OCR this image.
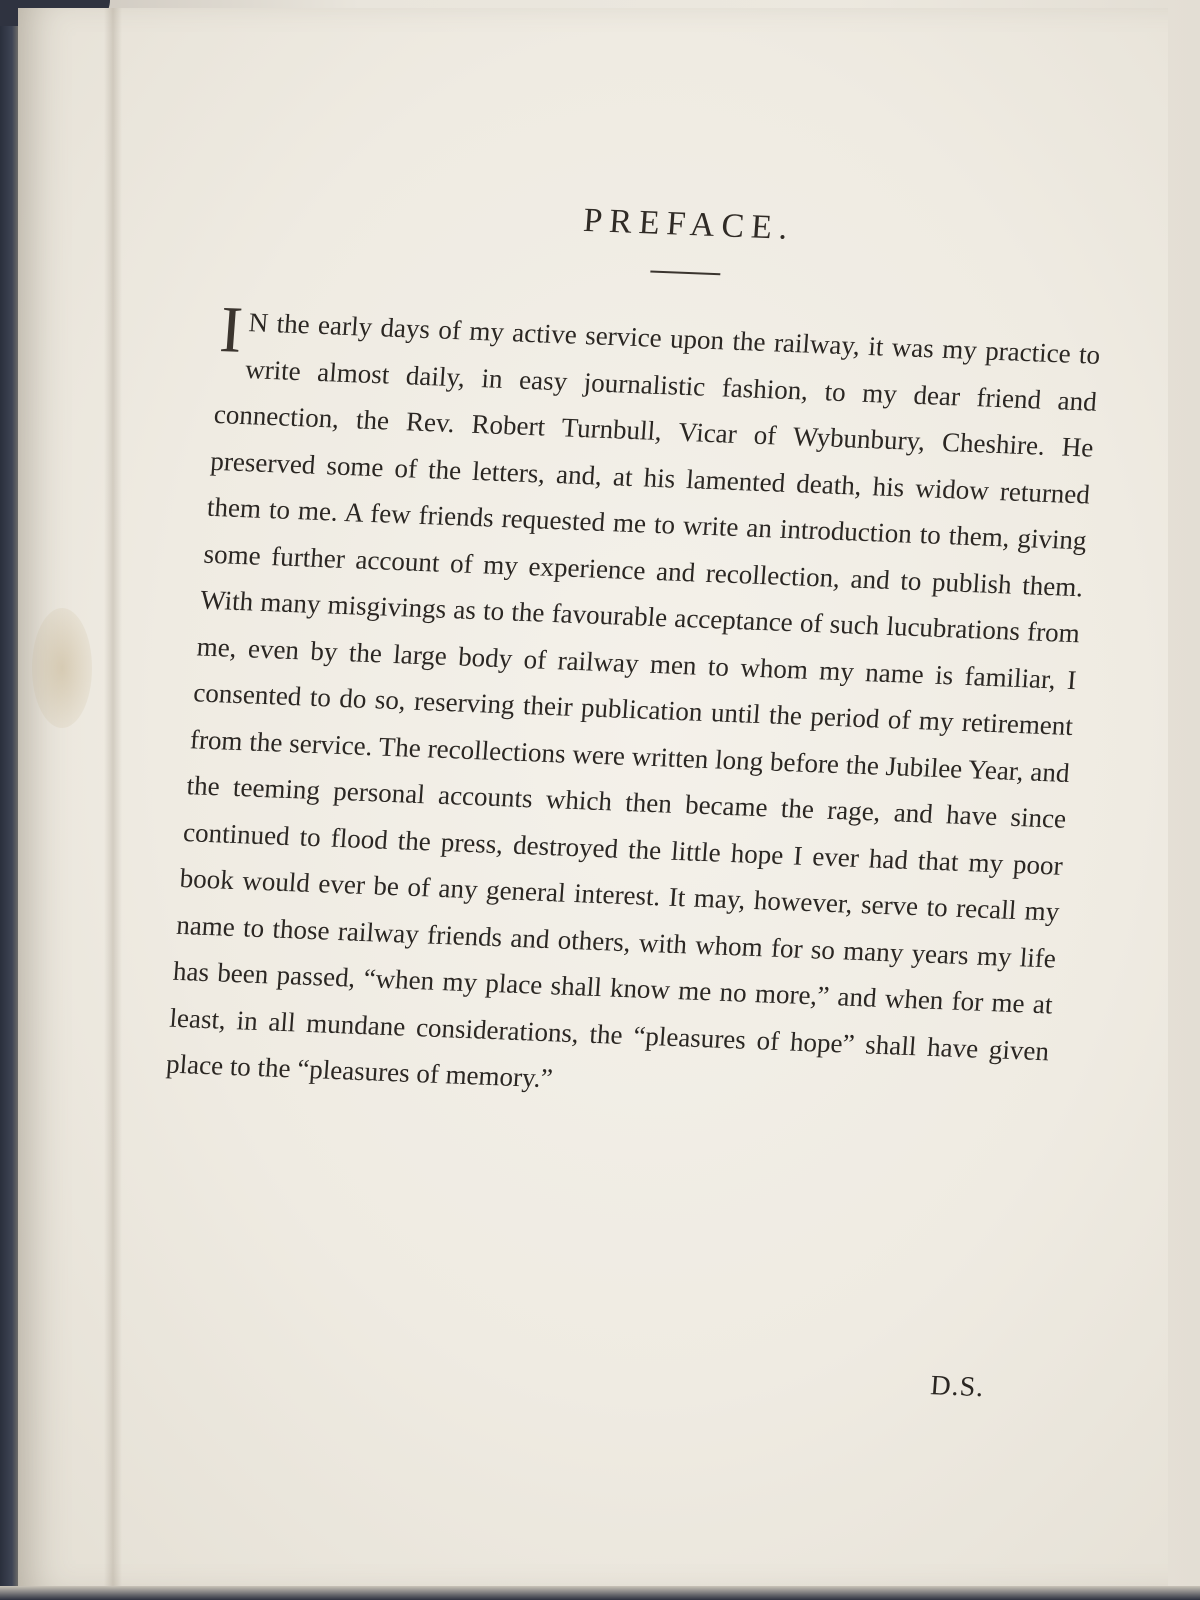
PREFACE.
I N the early days of my active service upon the railway, it was my practice to write almost daily, in easy journalistic fashion, to my dear friend and connection, the Rev. Robert Turnbull, Vicar of Wybunbury, Cheshire. He preserved some of the letters, and, at his lamented death, his widow returned them to me. A few friends requested me to write an introduction to them, giving some further account of my experience and recollection, and to publish them. With many misgivings as to the favourable acceptance of such lucubrations from me, even by the large body of railway men to whom my name is familiar, I consented to do so, reserving their publication until the period of my retirement from the service. The recollections were written long before the Jubilee Year, and the teeming personal accounts which then became the rage, and have since continued to flood the press, destroyed the little hope I ever had that my poor book would ever be of any general interest. It may, however, serve to recall my name to those railway friends and others, with whom for so many years my life has been passed, “when my place shall know me no more,” and when for me at least, in all mundane considerations, the “pleasures of hope” shall have given place to the “pleasures of memory.”
D.S.
